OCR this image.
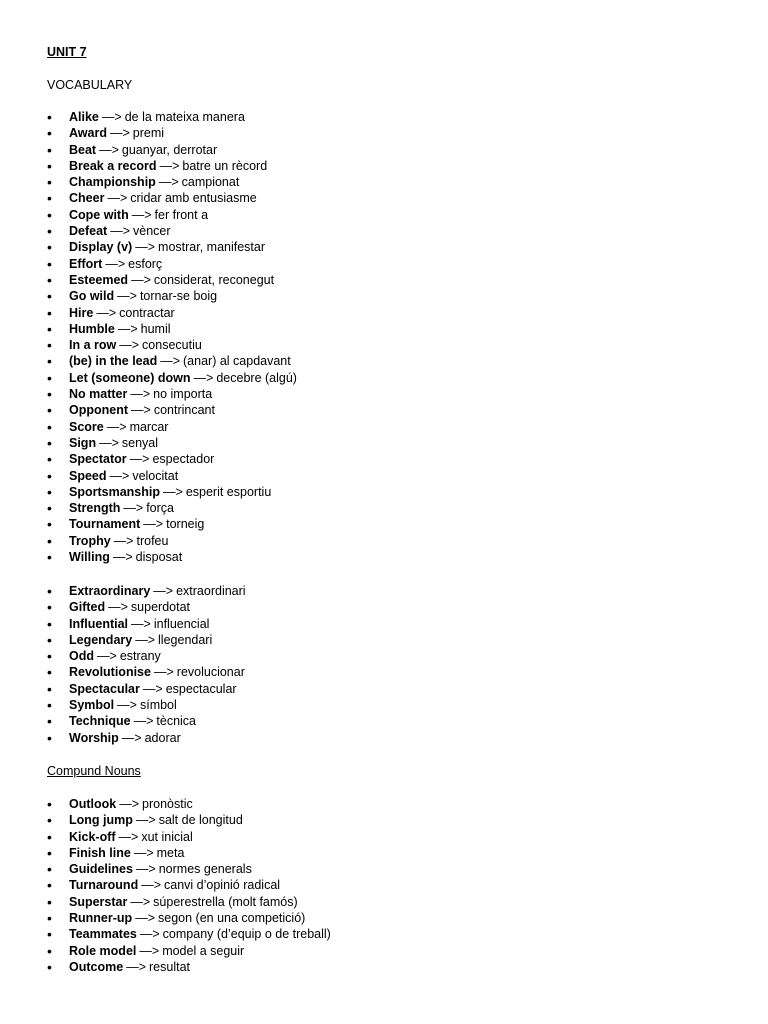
UNIT 7
VOCABULARY
• Alike —> de la mateixa manera
• Award —> premi
• Beat —> guanyar, derrotar
• Break a record —> batre un rècord
• Championship —> campionat
• Cheer —> cridar amb entusiasme
• Cope with —> fer front a
• Defeat —> vèncer
• Display (v) —> mostrar, manifestar
• Effort —> esforç
• Esteemed —> considerat, reconegut
• Go wild —> tornar-se boig
• Hire —> contractar
• Humble —> humil
• In a row —> consecutiu
• (be) in the lead —> (anar) al capdavant
• Let (someone) down —> decebre (algú)
• No matter —> no importa
• Opponent —> contrincant
• Score —> marcar
• Sign —> senyal
• Spectator —> espectador
• Speed —> velocitat
• Sportsmanship —> esperit esportiu
• Strength —> força
• Tournament —> torneig
• Trophy —> trofeu
• Willing —> disposat
• Extraordinary —> extraordinari
• Gifted —> superdotat
• Influential —> influencial
• Legendary —> llegendari
• Odd —> estrany
• Revolutionise —> revolucionar
• Spectacular —> espectacular
• Symbol —> símbol
• Technique —> tècnica
• Worship —> adorar
Compund Nouns
• Outlook —> pronòstic
• Long jump —> salt de longitud
• Kick-off —> xut inicial
• Finish line —> meta
• Guidelines —> normes generals
• Turnaround —> canvi d’opinió radical
• Superstar —> súperestrella (molt famós)
• Runner-up —> segon (en una competició)
• Teammates —> company (d’equip o de treball)
• Role model —> model a seguir
• Outcome —> resultat
